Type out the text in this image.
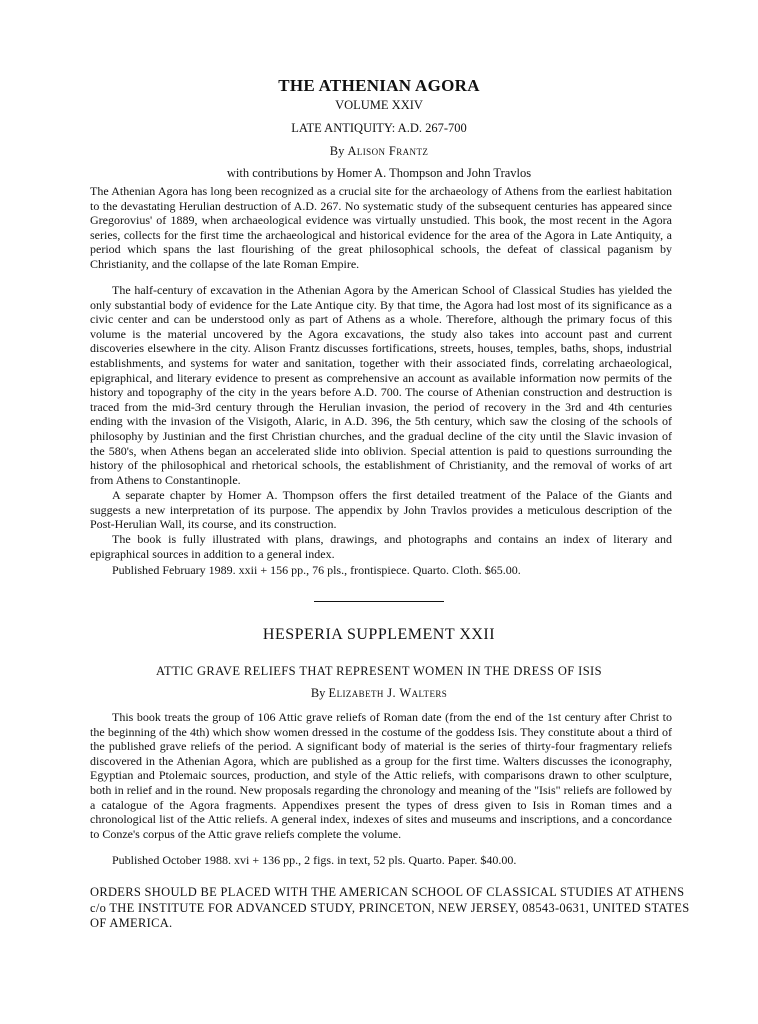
THE ATHENIAN AGORA
VOLUME XXIV
LATE ANTIQUITY: A.D. 267-700
By Alison Frantz
with contributions by Homer A. Thompson and John Travlos
The Athenian Agora has long been recognized as a crucial site for the archaeology of Athens from the earliest habitation to the devastating Herulian destruction of A.D. 267. No systematic study of the subsequent centuries has appeared since Gregorovius' of 1889, when archaeological evidence was virtually unstudied. This book, the most recent in the Agora series, collects for the first time the archaeological and historical evidence for the area of the Agora in Late Antiquity, a period which spans the last flourishing of the great philosophical schools, the defeat of classical paganism by Christianity, and the collapse of the late Roman Empire.
The half-century of excavation in the Athenian Agora by the American School of Classical Studies has yielded the only substantial body of evidence for the Late Antique city. By that time, the Agora had lost most of its significance as a civic center and can be understood only as part of Athens as a whole. Therefore, although the primary focus of this volume is the material uncovered by the Agora excavations, the study also takes into account past and current discoveries elsewhere in the city. Alison Frantz discusses fortifications, streets, houses, temples, baths, shops, industrial establishments, and systems for water and sanitation, together with their associated finds, correlating archaeological, epigraphical, and literary evidence to present as comprehensive an account as available information now permits of the history and topography of the city in the years before A.D. 700. The course of Athenian construction and destruction is traced from the mid-3rd century through the Herulian invasion, the period of recovery in the 3rd and 4th centuries ending with the invasion of the Visigoth, Alaric, in A.D. 396, the 5th century, which saw the closing of the schools of philosophy by Justinian and the first Christian churches, and the gradual decline of the city until the Slavic invasion of the 580's, when Athens began an accelerated slide into oblivion. Special attention is paid to questions surrounding the history of the philosophical and rhetorical schools, the establishment of Christianity, and the removal of works of art from Athens to Constantinople.
A separate chapter by Homer A. Thompson offers the first detailed treatment of the Palace of the Giants and suggests a new interpretation of its purpose. The appendix by John Travlos provides a meticulous description of the Post-Herulian Wall, its course, and its construction.
The book is fully illustrated with plans, drawings, and photographs and contains an index of literary and epigraphical sources in addition to a general index.
Published February 1989. xxii + 156 pp., 76 pls., frontispiece. Quarto. Cloth. $65.00.
HESPERIA SUPPLEMENT XXII
ATTIC GRAVE RELIEFS THAT REPRESENT WOMEN IN THE DRESS OF ISIS
By Elizabeth J. Walters
This book treats the group of 106 Attic grave reliefs of Roman date (from the end of the 1st century after Christ to the beginning of the 4th) which show women dressed in the costume of the goddess Isis. They constitute about a third of the published grave reliefs of the period. A significant body of material is the series of thirty-four fragmentary reliefs discovered in the Athenian Agora, which are published as a group for the first time. Walters discusses the iconography, Egyptian and Ptolemaic sources, production, and style of the Attic reliefs, with comparisons drawn to other sculpture, both in relief and in the round. New proposals regarding the chronology and meaning of the "Isis" reliefs are followed by a catalogue of the Agora fragments. Appendixes present the types of dress given to Isis in Roman times and a chronological list of the Attic reliefs. A general index, indexes of sites and museums and inscriptions, and a concordance to Conze's corpus of the Attic grave reliefs complete the volume.
Published October 1988. xvi + 136 pp., 2 figs. in text, 52 pls. Quarto. Paper. $40.00.
ORDERS SHOULD BE PLACED WITH THE AMERICAN SCHOOL OF CLASSICAL STUDIES AT ATHENS c/o THE INSTITUTE FOR ADVANCED STUDY, PRINCETON, NEW JERSEY, 08543-0631, UNITED STATES OF AMERICA.
